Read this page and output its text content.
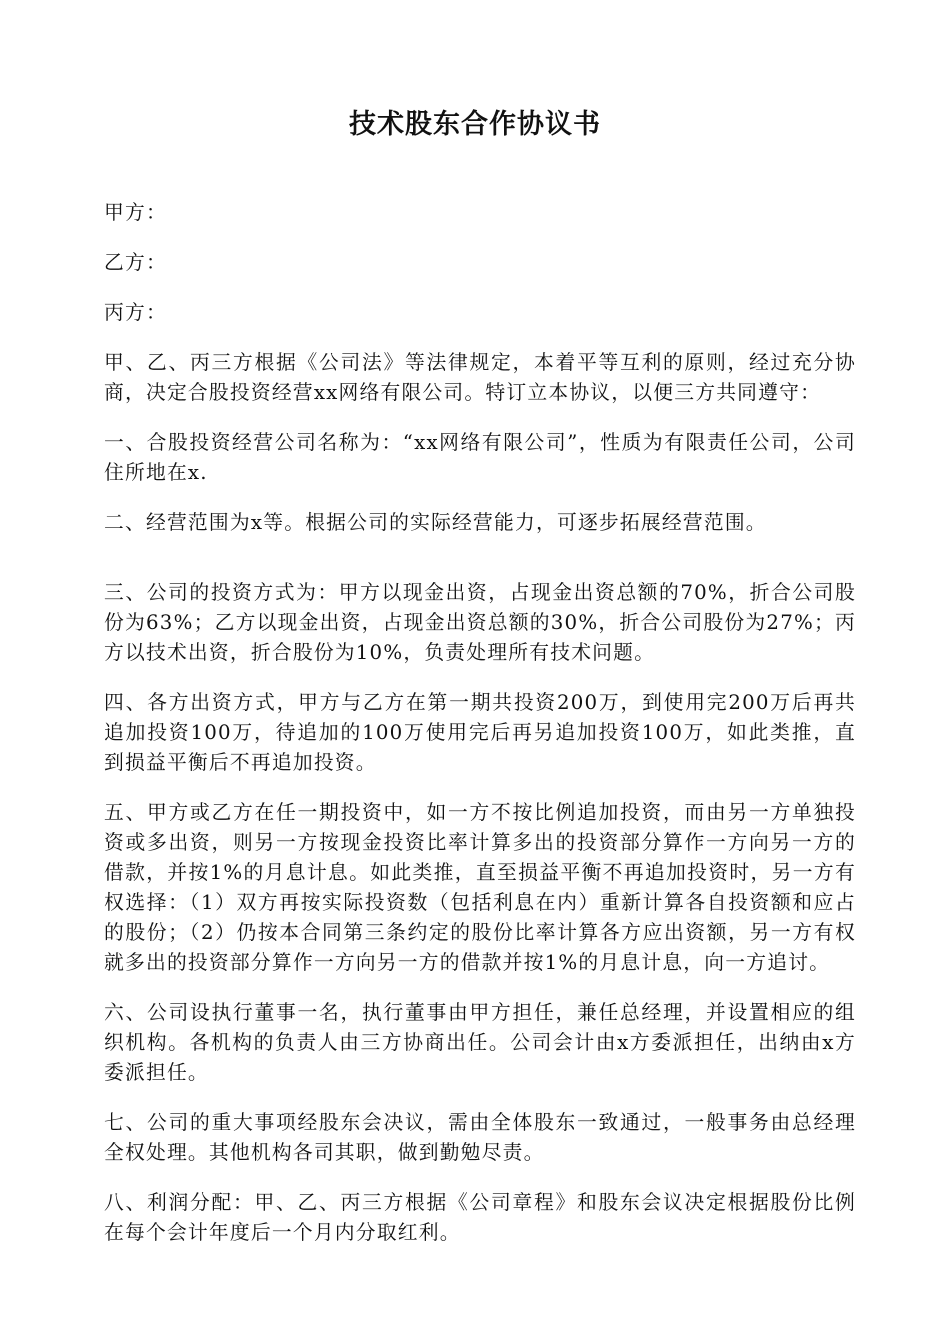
技术股东合作协议书

甲方：

乙方：

丙方：

甲、乙、丙三方根据《公司法》等法律规定，本着平等互利的原则，经过充分协商，决定合股投资经营xx网络有限公司。特订立本协议，以便三方共同遵守：

一、合股投资经营公司名称为：“xx网络有限公司”，性质为有限责任公司，公司住所地在x.

二、经营范围为x等。根据公司的实际经营能力，可逐步拓展经营范围。

三、公司的投资方式为：甲方以现金出资，占现金出资总额的70%，折合公司股份为63%；乙方以现金出资，占现金出资总额的30%，折合公司股份为27%；丙方以技术出资，折合股份为10%，负责处理所有技术问题。

四、各方出资方式，甲方与乙方在第一期共投资200万，到使用完200万后再共追加投资100万，待追加的100万使用完后再另追加投资100万，如此类推，直到损益平衡后不再追加投资。

五、甲方或乙方在任一期投资中，如一方不按比例追加投资，而由另一方单独投资或多出资，则另一方按现金投资比率计算多出的投资部分算作一方向另一方的借款，并按1%的月息计息。如此类推，直至损益平衡不再追加投资时，另一方有权选择：（1）双方再按实际投资数（包括利息在内）重新计算各自投资额和应占的股份；（2）仍按本合同第三条约定的股份比率计算各方应出资额，另一方有权就多出的投资部分算作一方向另一方的借款并按1%的月息计息，向一方追讨。

六、公司设执行董事一名，执行董事由甲方担任，兼任总经理，并设置相应的组织机构。各机构的负责人由三方协商出任。公司会计由x方委派担任，出纳由x方委派担任。

七、公司的重大事项经股东会决议，需由全体股东一致通过，一般事务由总经理全权处理。其他机构各司其职，做到勤勉尽责。

八、利润分配：甲、乙、丙三方根据《公司章程》和股东会议决定根据股份比例在每个会计年度后一个月内分取红利。
